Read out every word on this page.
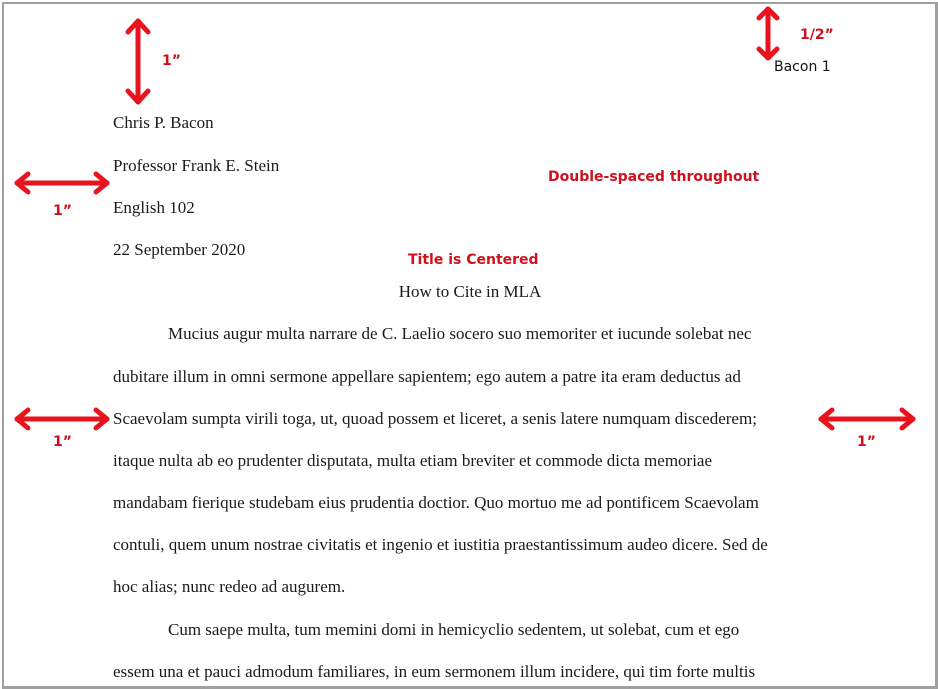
Bacon 1
Chris P. Bacon
Professor Frank E. Stein
English 102
22 September 2020
How to Cite in MLA
Mucius augur multa narrare de C. Laelio socero suo memoriter et iucunde solebat nec
dubitare illum in omni sermone appellare sapientem; ego autem a patre ita eram deductus ad
Scaevolam sumpta virili toga, ut, quoad possem et liceret, a senis latere numquam discederem;
itaque nulta ab eo prudenter disputata, multa etiam breviter et commode dicta memoriae
mandabam fierique studebam eius prudentia doctior. Quo mortuo me ad pontificem Scaevolam
contuli, quem unum nostrae civitatis et ingenio et iustitia praestantissimum audeo dicere. Sed de
hoc alias; nunc redeo ad augurem.
Cum saepe multa, tum memini domi in hemicyclio sedentem, ut solebat, cum et ego
essem una et pauci admodum familiares, in eum sermonem illum incidere, qui tim forte multis
Double-spaced throughout
Title is Centered
1”
1/2”
1”
1”	1”
